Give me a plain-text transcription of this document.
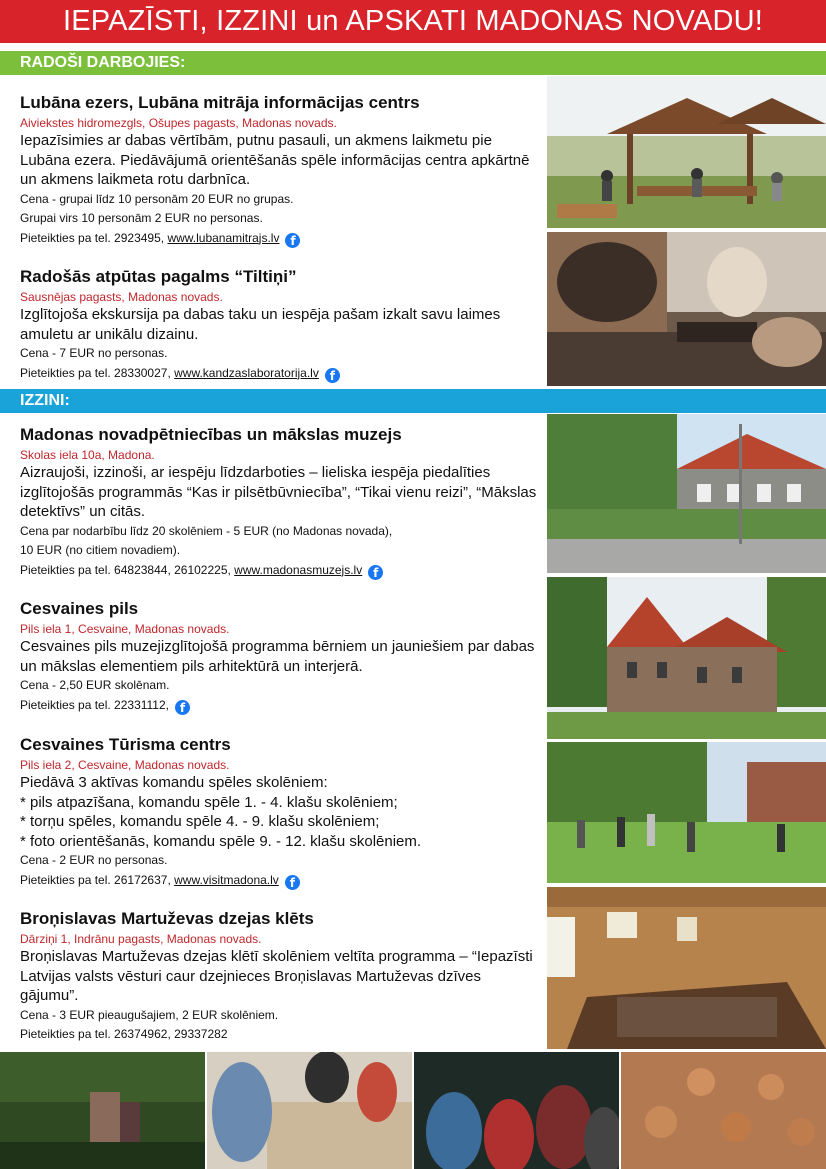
IEPAZĪSTI, IZZINI un APSKATI MADONAS NOVADU!
RADOŠI DARBOJIES:
IZZINI:
Lubāna ezers, Lubāna mitrāja informācijas centrs
Aiviekstes hidromezgls, Ošupes pagasts, Madonas novads.
Iepazīsimies ar dabas vērtībām, putnu pasauli, un akmens laikmetu pie Lubāna ezera. Piedāvājumā orientēšanās spēle informācijas centra apkārtnē un akmens laikmeta rotu darbnīca.
Cena - grupai līdz 10 personām 20 EUR no grupas.
Grupai virs 10 personām 2 EUR no personas.
Pieteikties pa tel. 2923495, www.lubanamitrajs.lv f
Radošās atpūtas pagalms “Tiltiņi”
Sausnējas pagasts, Madonas novads.
Izglītojoša ekskursija pa dabas taku un iespēja pašam izkalt savu laimes amuletu ar unikālu dizainu.
Cena - 7 EUR no personas.
Pieteikties pa tel. 28330027, www.kandzaslaboratorija.lv f
Madonas novadpētniecības un mākslas muzejs
Skolas iela 10a, Madona.
Aizraujoši, izzinoši, ar iespēju līdzdarboties – lieliska iespēja piedalīties izglītojošās programmās “Kas ir pilsētbūvniecība”, “Tikai vienu reizi”, “Mākslas detektīvs” un citās.
Cena par nodarbību līdz 20 skolēniem - 5 EUR (no Madonas novada),
10 EUR (no citiem novadiem).
Pieteikties pa tel. 64823844, 26102225, www.madonasmuzejs.lv f
Cesvaines pils
Pils iela 1, Cesvaine, Madonas novads.
Cesvaines pils muzejizglītojošā programma bērniem un jauniešiem par dabas un mākslas elementiem pils arhitektūrā un interjerā.
Cena - 2,50 EUR skolēnam.
Pieteikties pa tel. 22331112, f
Cesvaines Tūrisma centrs
Pils iela 2, Cesvaine, Madonas novads.
Piedāvā 3 aktīvas komandu spēles skolēniem:
* pils atpazīšana, komandu spēle 1. - 4. klašu skolēniem;
* torņu spēles, komandu spēle 4. - 9. klašu skolēniem;
* foto orientēšanās, komandu spēle 9. - 12. klašu skolēniem.
Cena - 2 EUR no personas.
Pieteikties pa tel. 26172637, www.visitmadona.lv f
Broņislavas Martuževas dzejas klēts
Dārziņi 1, Indrānu pagasts, Madonas novads.
Broņislavas Martuževas dzejas klētī skolēniem veltīta programma – “Iepazīsti Latvijas valsts vēsturi caur dzejnieces Broņislavas Martuževas dzīves gājumu”.
Cena - 3 EUR pieaugušajiem, 2 EUR skolēniem.
Pieteikties pa tel. 26374962, 29337282
